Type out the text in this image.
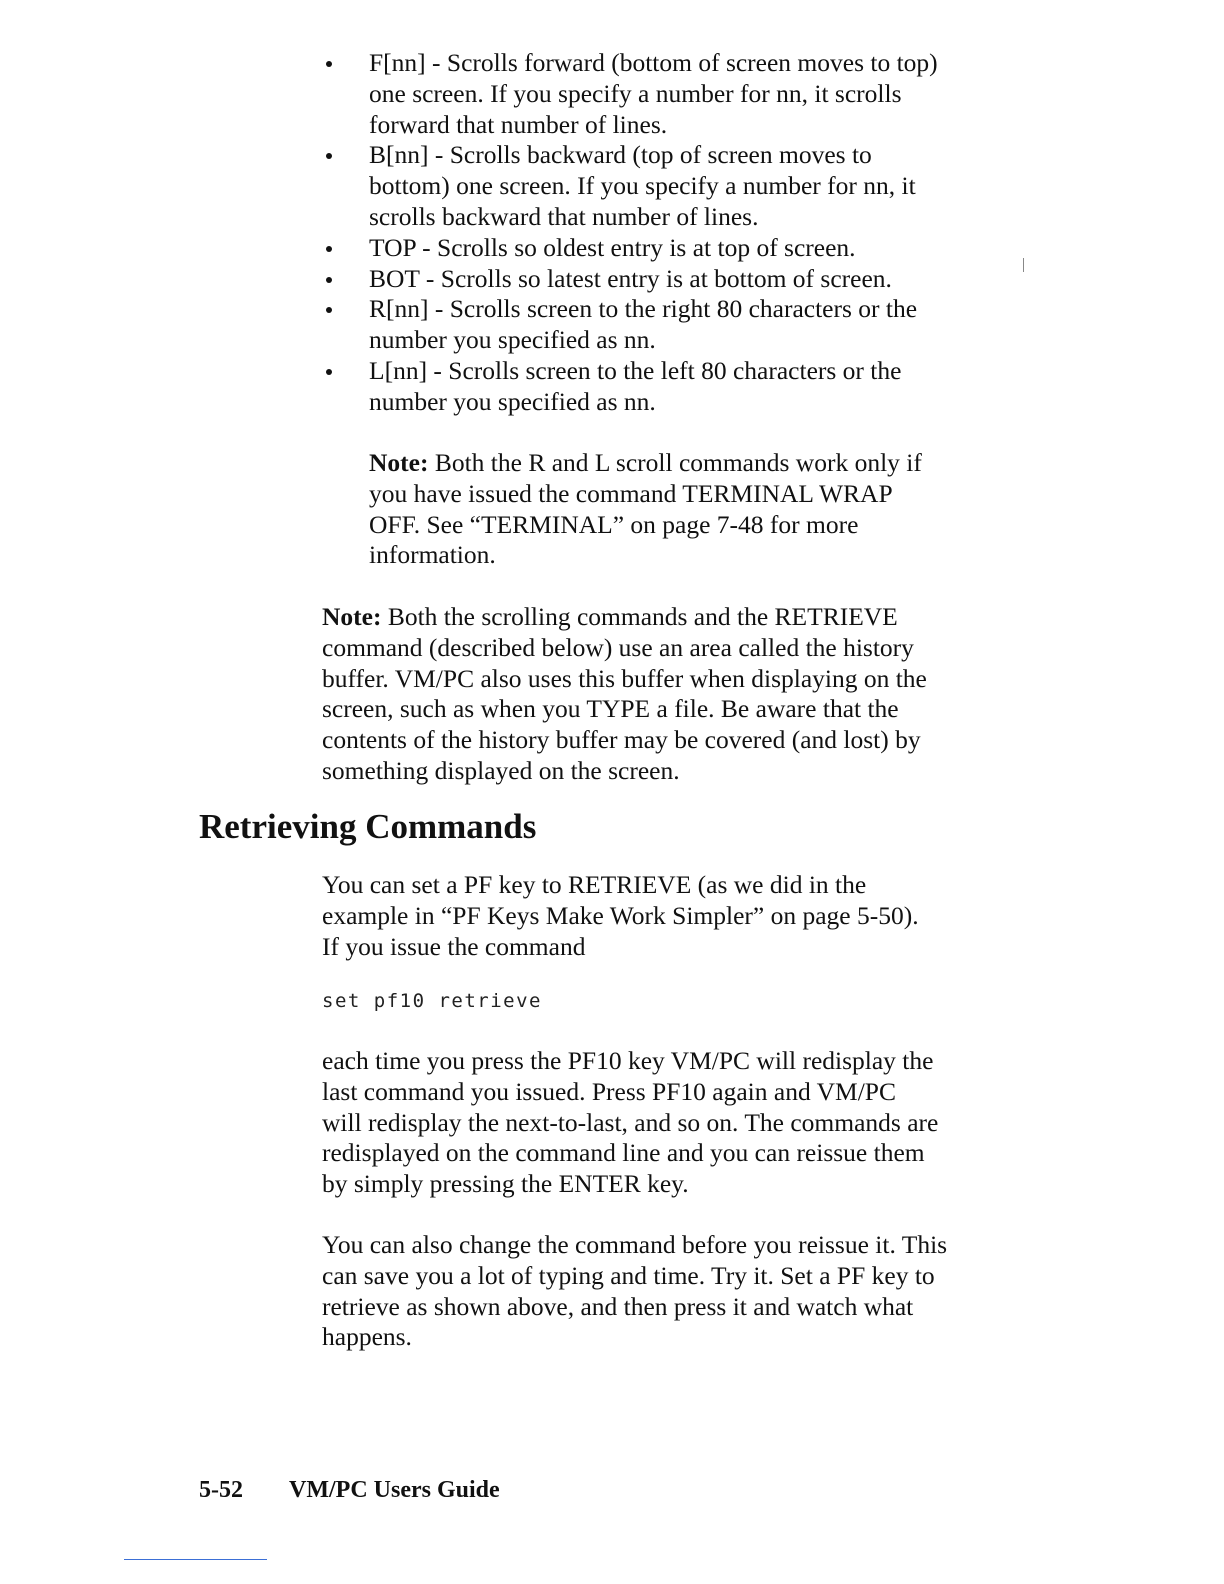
F[nn] - Scrolls forward (bottom of screen moves to top)
one screen. If you specify a number for nn, it scrolls
forward that number of lines.
B[nn] - Scrolls backward (top of screen moves to
bottom) one screen. If you specify a number for nn, it
scrolls backward that number of lines.
TOP - Scrolls so oldest entry is at top of screen.
BOT - Scrolls so latest entry is at bottom of screen.
R[nn] - Scrolls screen to the right 80 characters or the
number you specified as nn.
L[nn] - Scrolls screen to the left 80 characters or the
number you specified as nn.

Note: Both the R and L scroll commands work only if
you have issued the command TERMINAL WRAP
OFF. See “TERMINAL” on page 7-48 for more
information.

Note: Both the scrolling commands and the RETRIEVE
command (described below) use an area called the history
buffer. VM/PC also uses this buffer when displaying on the
screen, such as when you TYPE a file. Be aware that the
contents of the history buffer may be covered (and lost) by
something displayed on the screen.

Retrieving Commands

You can set a PF key to RETRIEVE (as we did in the
example in “PF Keys Make Work Simpler” on page 5-50).
If you issue the command

set pf10 retrieve

each time you press the PF10 key VM/PC will redisplay the
last command you issued. Press PF10 again and VM/PC
will redisplay the next-to-last, and so on. The commands are
redisplayed on the command line and you can reissue them
by simply pressing the ENTER key.

You can also change the command before you reissue it. This
can save you a lot of typing and time. Try it. Set a PF key to
retrieve as shown above, and then press it and watch what
happens.

5-52 VM/PC Users Guide
